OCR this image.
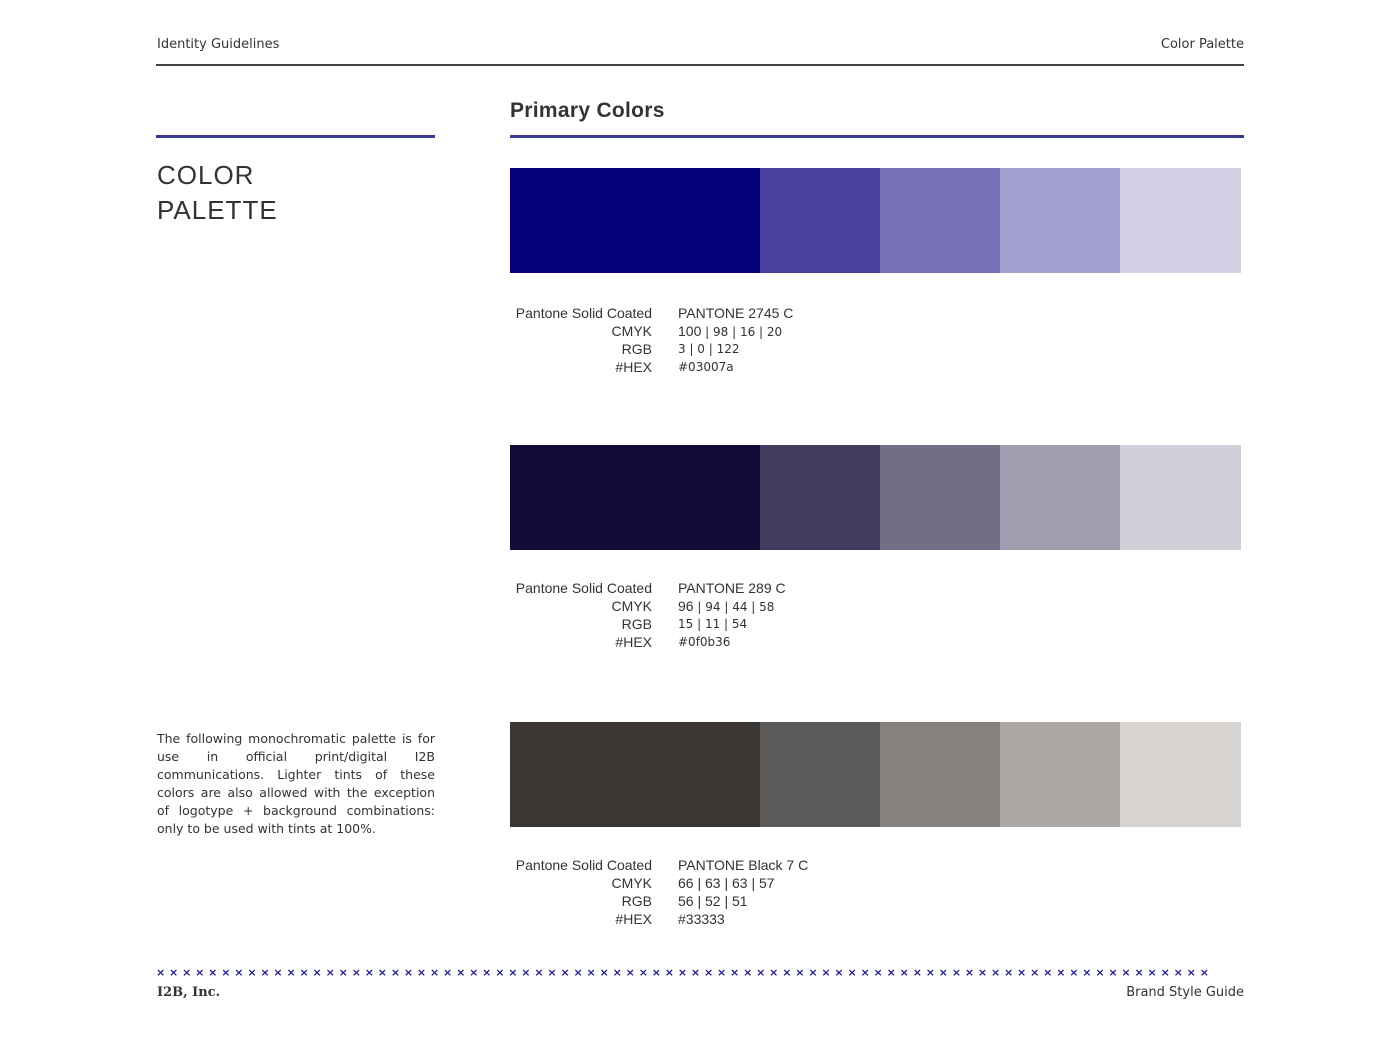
Identity Guidelines	Color Palette
COLOR
PALETTE
The following monochromatic palette is for use in official print/digital I2B communications. Lighter tints of these colors are also allowed with the exception of logotype + background combinations: only to be used with tints at 100%.
Primary Colors
Pantone Solid Coated	PANTONE 2745 C
CMYK	100 | 98 | 16 | 20
RGB	3 | 0 | 122
#HEX	#03007a
Pantone Solid Coated	PANTONE 289 C
CMYK	96 | 94 | 44 | 58
RGB	15 | 11 | 54
#HEX	#0f0b36
Pantone Solid Coated	PANTONE Black 7 C
CMYK	66 | 63 | 63 | 57
RGB	56 | 52 | 51
#HEX	#33333
× × × × × × × × × × × × × × × × × × × × × × × × × × × × × × × × × × × × × × × × × × × × × × × × × × × × × × × × × × × × × × × × × × × × × × × × × × × × × × × × ×
I2B, Inc.	Brand Style Guide
